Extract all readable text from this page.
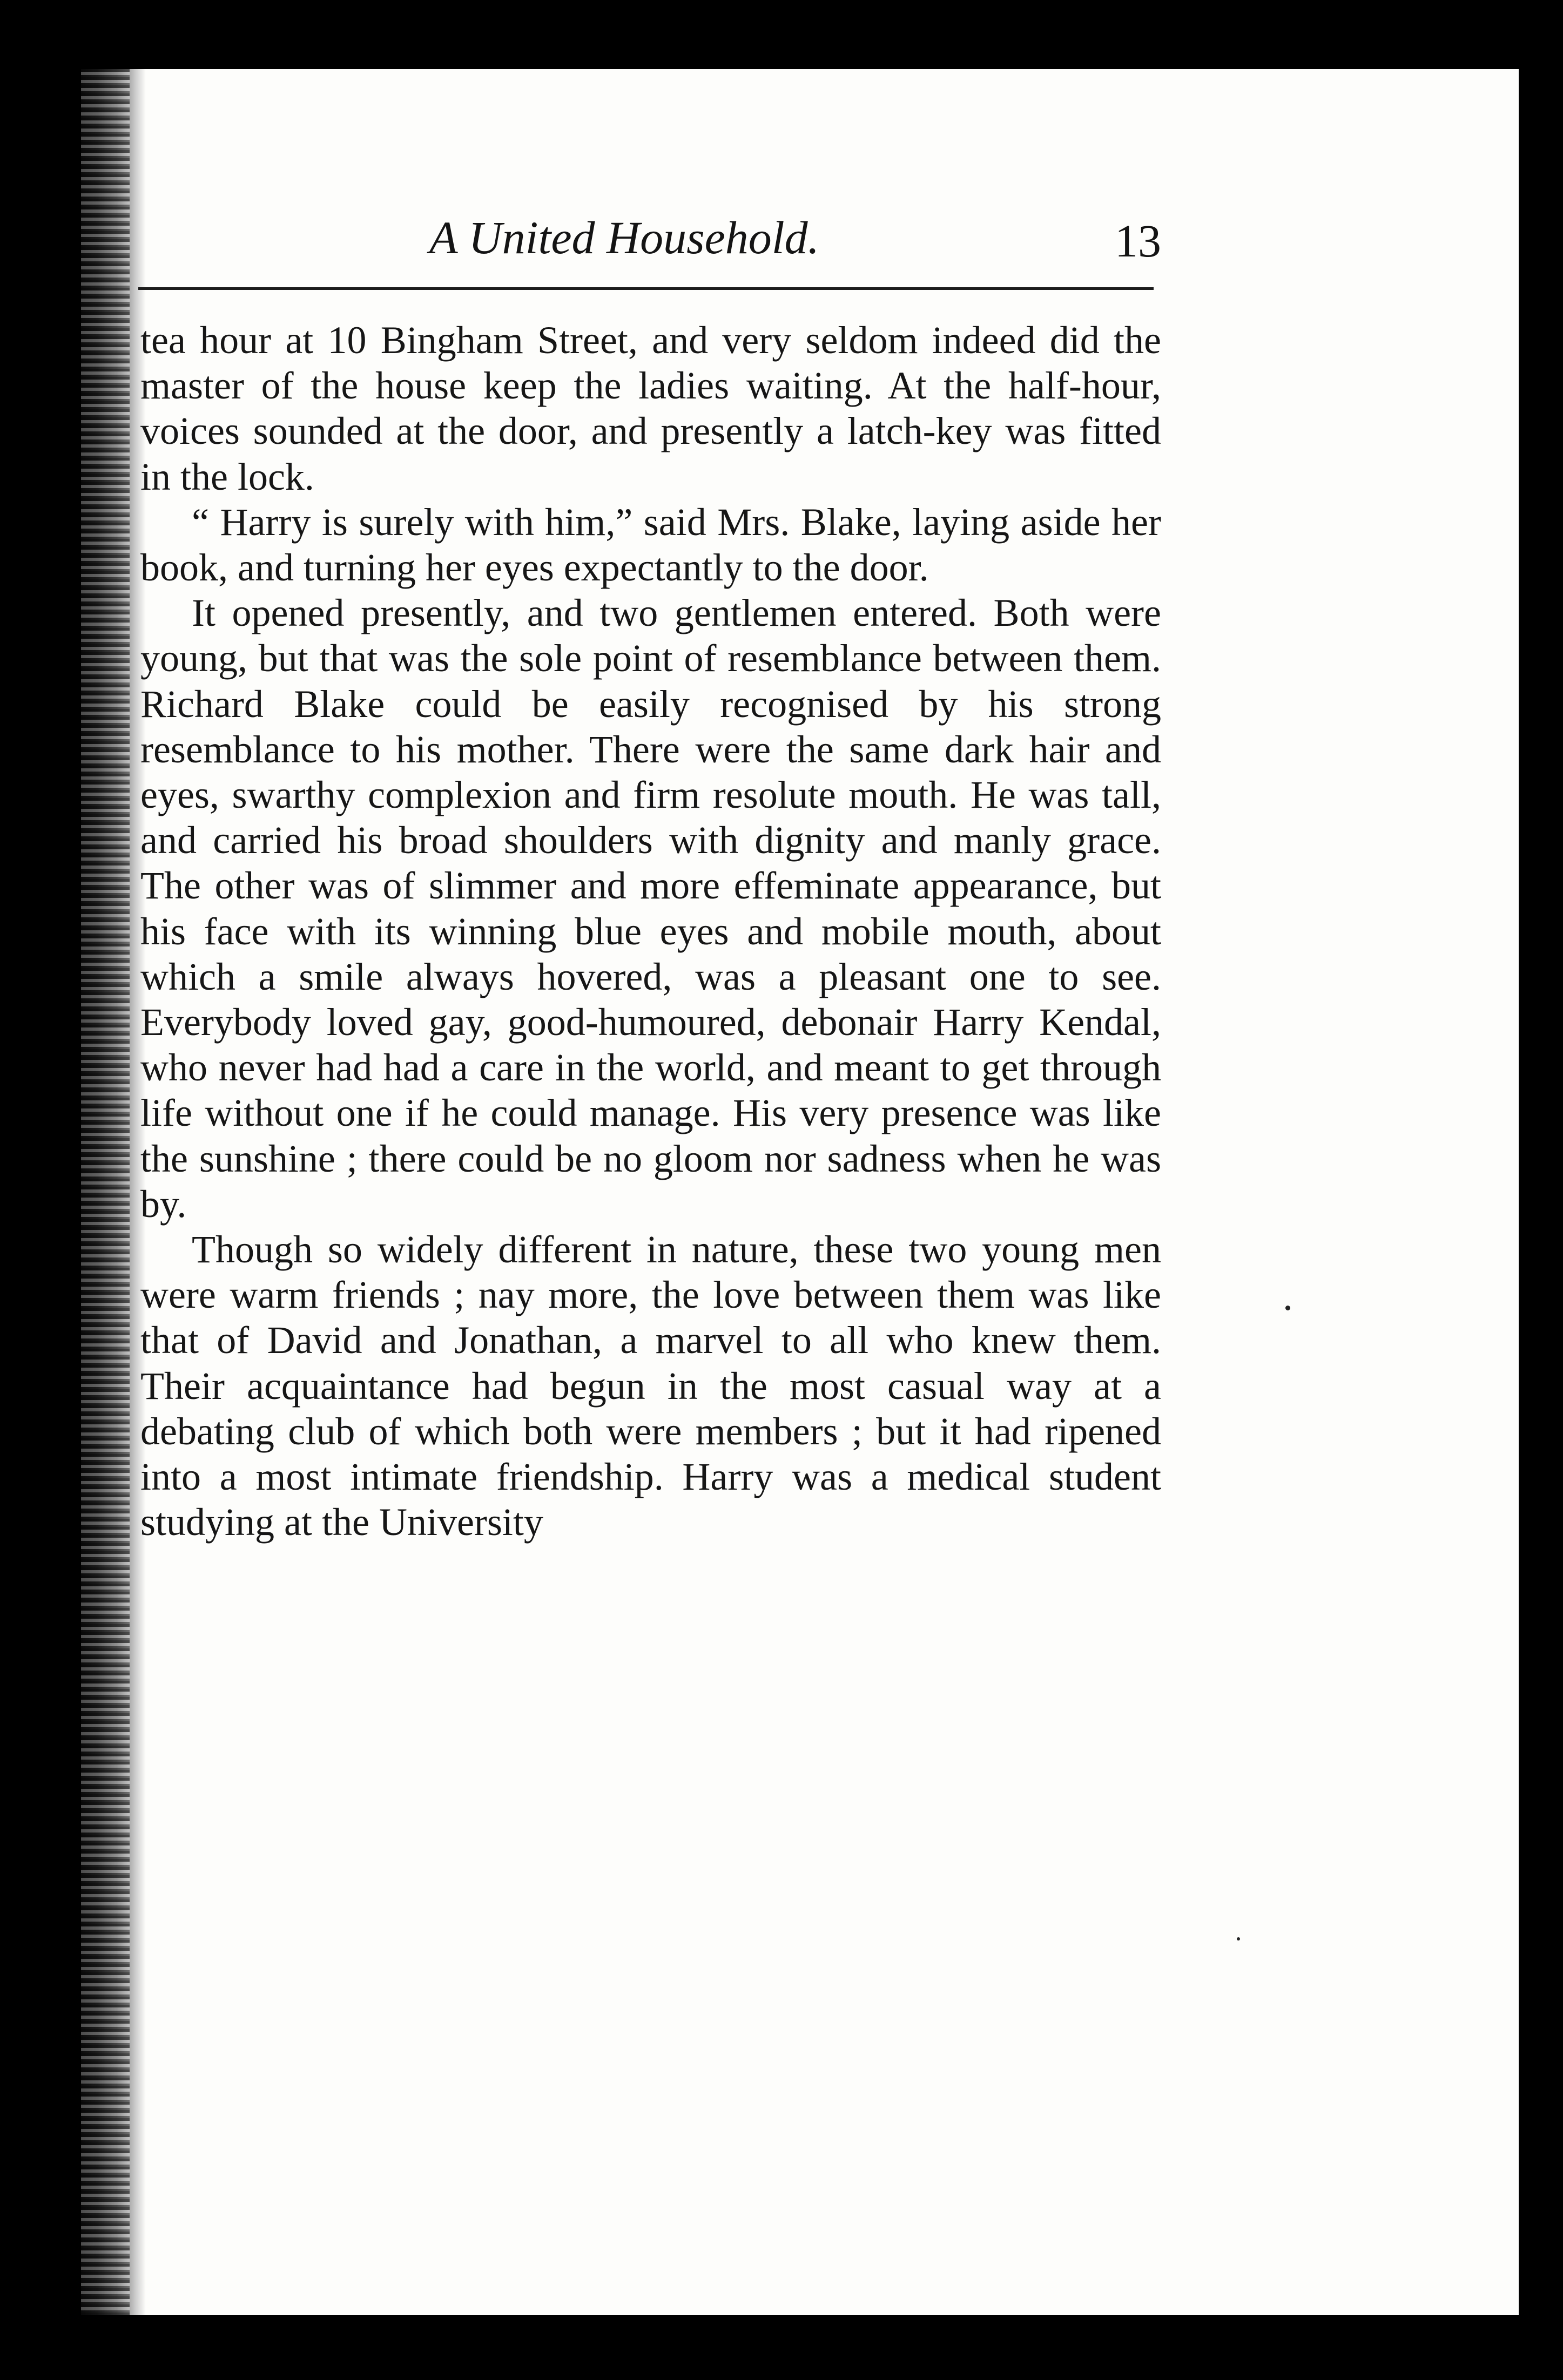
A United Household.	13

tea hour at 10 Bingham Street, and very seldom indeed did the master of the house keep the ladies waiting. At the half-hour, voices sounded at the door, and presently a latch-key was fitted in the lock.

“ Harry is surely with him,” said Mrs. Blake, laying aside her book, and turning her eyes expectantly to the door.

It opened presently, and two gentlemen entered. Both were young, but that was the sole point of resemblance between them. Richard Blake could be easily recognised by his strong resemblance to his mother. There were the same dark hair and eyes, swarthy complexion and firm resolute mouth. He was tall, and carried his broad shoulders with dignity and manly grace. The other was of slimmer and more effeminate appearance, but his face with its winning blue eyes and mobile mouth, about which a smile always hovered, was a pleasant one to see. Everybody loved gay, good-humoured, debonair Harry Kendal, who never had had a care in the world, and meant to get through life without one if he could manage. His very presence was like the sunshine ; there could be no gloom nor sadness when he was by.

Though so widely different in nature, these two young men were warm friends ; nay more, the love between them was like that of David and Jonathan, a marvel to all who knew them. Their acquaintance had begun in the most casual way at a debating club of which both were members ; but it had ripened into a most intimate friendship. Harry was a medical student studying at the University
